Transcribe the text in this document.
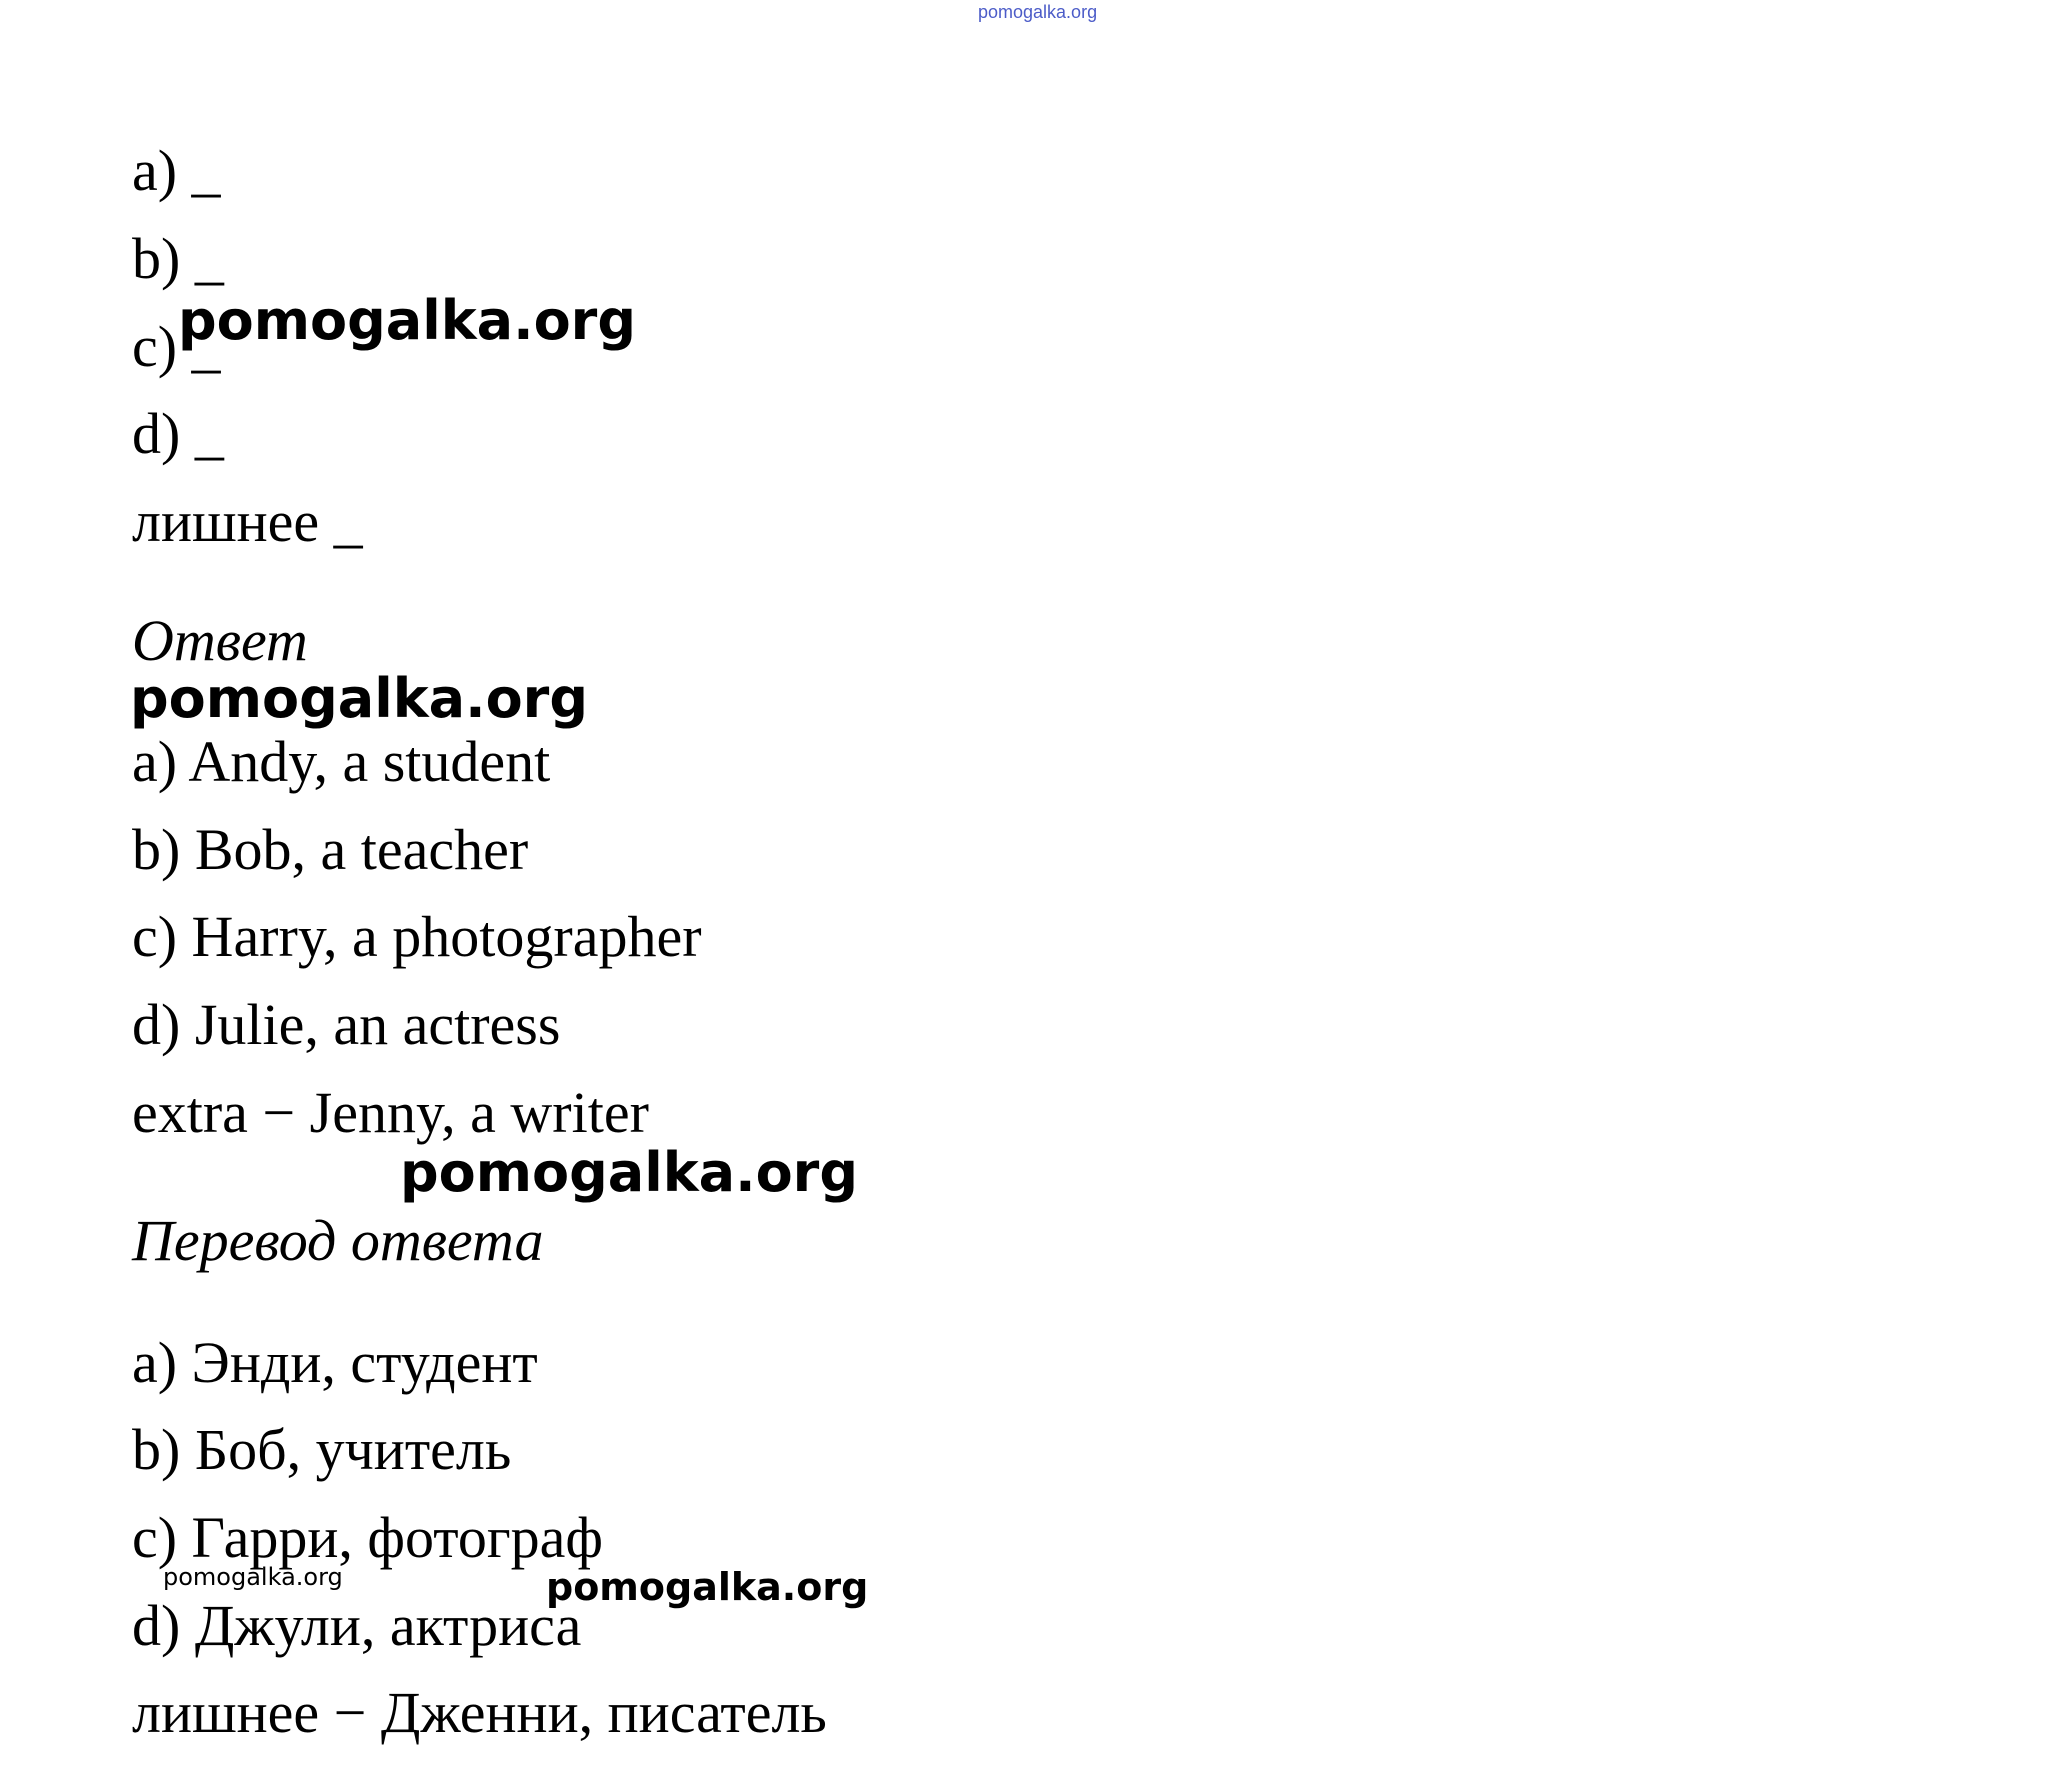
pomogalka.org
a) _
b) _
c) _
d) _
лишнее _
Ответ
a) Andy, a student
b) Bob, a teacher
c) Harry, a photographer
d) Julie, an actress
extra − Jenny, a writer
Перевод ответа
a) Энди, студент
b) Боб, учитель
c) Гарри, фотограф
d) Джули, актриса
лишнее − Дженни, писатель
pomogalka.org
pomogalka.org
pomogalka.org
pomogalka.org	pomogalka.org
